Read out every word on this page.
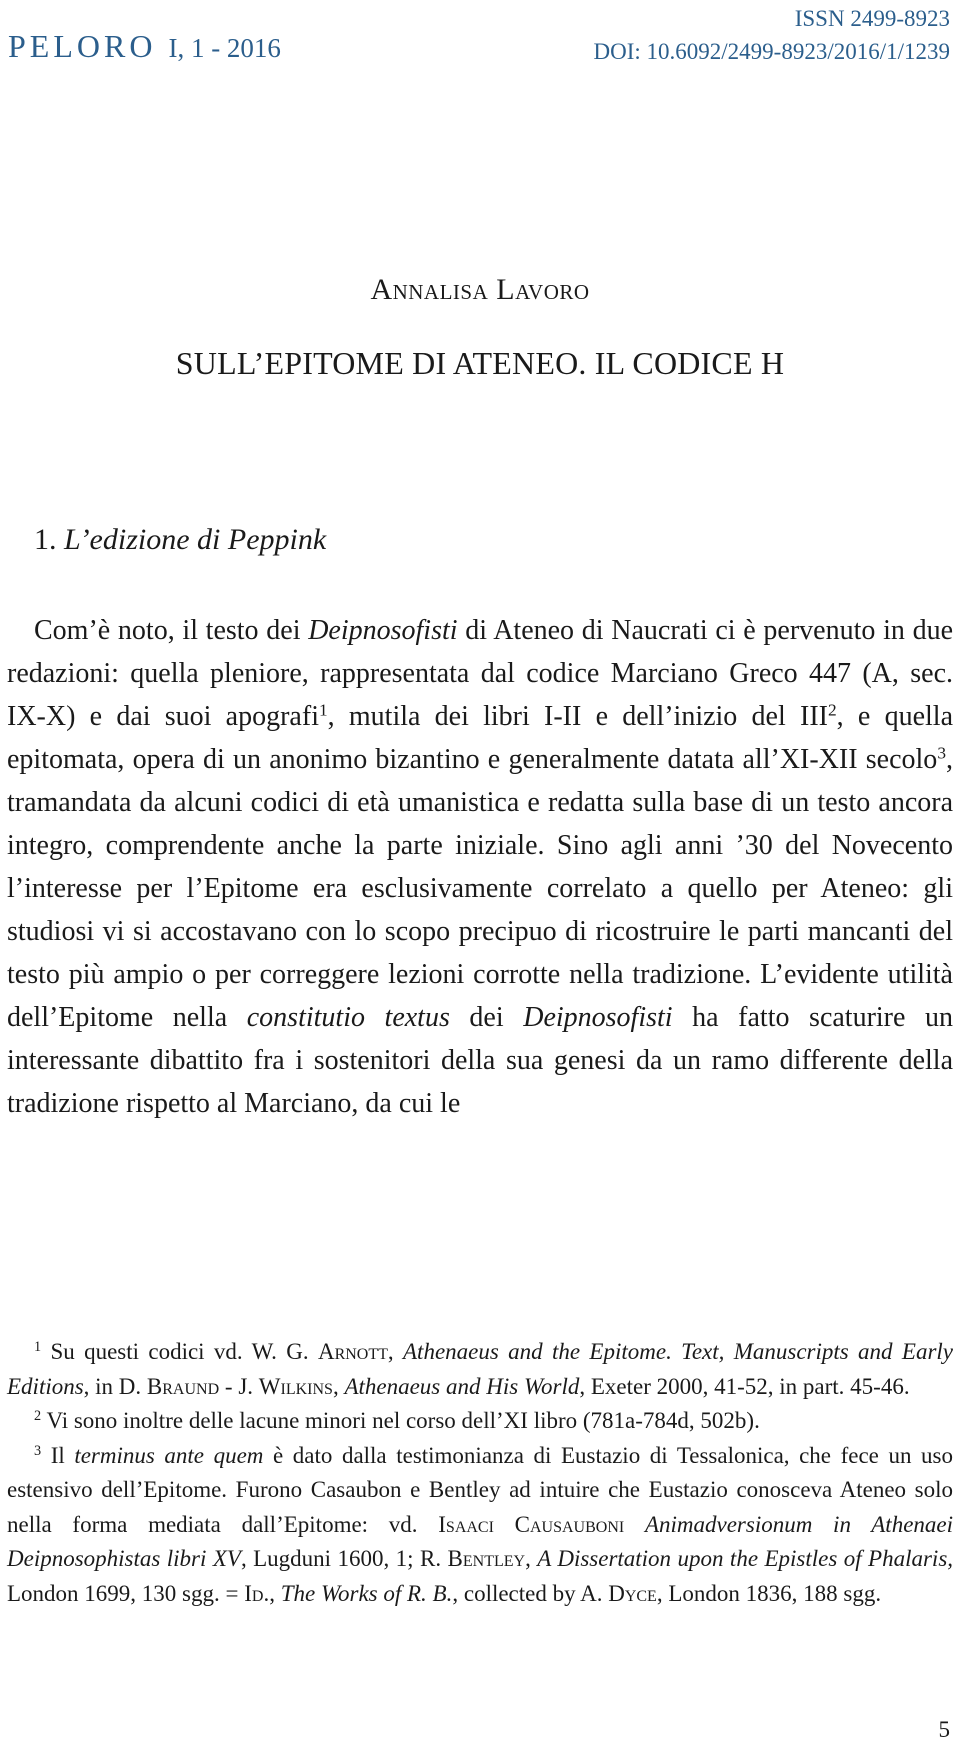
PELORO I, 1 - 2016
ISSN 2499-8923
DOI: 10.6092/2499-8923/2016/1/1239
Annalisa Lavoro
SULL’EPITOME DI ATENEO. IL CODICE H
1. L’edizione di Peppink

Com’è noto, il testo dei Deipnosofisti di Ateneo di Naucrati ci è pervenuto in due redazioni: quella pleniore, rappresentata dal codice Marciano Greco 447 (A, sec. IX-X) e dai suoi apografi$^1$, mutila dei libri I-II e dell’inizio del III$^2$, e quella epitomata, opera di un anonimo bizantino e generalmente datata all’XI-XII secolo$^3$, tramandata da alcuni codici di età umanistica e redatta sulla base di un testo ancora integro, comprendente anche la parte iniziale. Sino agli anni ’30 del Novecento l’interesse per l’Epitome era esclusivamente correlato a quello per Ateneo: gli studiosi vi si accostavano con lo scopo precipuo di ricostruire le parti mancanti del testo più ampio o per correggere lezioni corrotte nella tradizione. L’evidente utilità dell’Epitome nella constitutio textus dei Deipnosofisti ha fatto scaturire un interessante dibattito fra i sostenitori della sua genesi da un ramo differente della tradizione rispetto al Marciano, da cui le

$^1$ Su questi codici vd. W. G. Arnott, Athenaeus and the Epitome. Text, Manuscripts and Early Editions, in D. Braund - J. Wilkins, Athenaeus and His World, Exeter 2000, 41-52, in part. 45-46.

$^2$ Vi sono inoltre delle lacune minori nel corso dell’XI libro (781a-784d, 502b).

$^3$ Il terminus ante quem è dato dalla testimonianza di Eustazio di Tessalonica, che fece un uso estensivo dell’Epitome. Furono Casaubon e Bentley ad intuire che Eustazio conosceva Ateneo solo nella forma mediata dall’Epitome: vd. Isaaci Causauboni Animadversionum in Athenaei Deipnosophistas libri XV, Lugduni 1600, 1; R. Bentley, A Dissertation upon the Epistles of Phalaris, London 1699, 130 sgg. = Id., The Works of R. B., collected by A. Dyce, London 1836, 188 sgg.

5
